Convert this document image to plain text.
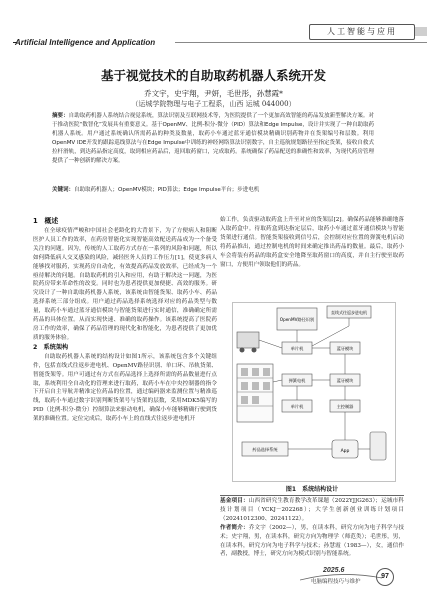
Artificial Intelligence and Application
人工智能与应用
基于视觉技术的自助取药机器人系统开发
乔文宇，史宇翔，尹妍，毛世彤，孙慧霞*
（运城学院物理与电子工程系，山西 运城 044000）
摘要：自助取药机器人系统结合视觉系统，算法识别及互联网技术等，为医院提供了一个更加高效智能的药品发放新型解决方案。对于推动医院“数智化”发展具有重要意义。基于OpenMV、比例-积分-微分（PID）算法和Edge Impulse，设计并实现了一种自助取药机器人系统。用户通过系统确认所需药品的种类及数量，取药小车通过蓝牙通信模块精确识别药物并在货架编号和层数。利用OpenMV IDE开发的跟踪巡线算法与在Edge Impulse中训练的神经网络算法识别数字，自主巡航规划路径至指定货架，接收自救式拉杆滑轨，到达药品指定高度，取到相应药品后，返回取药窗口，完成取药。系统确保了药品配送的准确性和效率，为现代药房管理提供了一种创新的解决方案。
关键词：自助取药机器人；OpenMV模块；PID算法；Edge Impulse平台；步进电机
1　概述

在全球疫情严峻和中国社会老龄化的大背景下，为了方便病人和阻断医护人员工作的效率，在药房智能化实现智能高效配送药品成为一个备受关注的问题。因为，传统的人工取药方式存在一系列的风险和问题，所以如何降低病人交叉感染的风险，减轻医务人员的工作压力[1]，使更多病人能够找对服药，实现药房自动化，有效提高药品发放效率，已经成为一个亟待解决的问题。自助取药机的引入和应用，有助于解决这一问题，为医院药房带来革命性的改变。同时也为患者提供更加便捷、高效的服务。研究设计了一种自助取药机器人系统，该系统由智能货架、取药小车、药品选择系统三部分组成。用户通过药品选择系统选择对应的药品类型与数量，取药小车通过蓝牙通信模块与智能货架进行实时通信，准确确定所需药品的具体位置。从而实现快速、准确的取药操作。该系统提高了医院药房工作的效率，确保了药品管理的现代化和智能化，为患者提供了更加优质的服务体验。

2　系统架构

自助取药机器人系统的结构设计如图1所示，该系统包含多个关键组件，包括直线式往返步进电机、OpenMV路径识别、单口环、吊轨货架、智能货架等。用户可通过有方式在药品选择上选择所需的药品数量进行点取，系统利用全自动化的管理来进行取药，取药小车在中央控制器的指令下开启自主导航并精准定位药品的位置，通过编码器来监测位置与精准巡线，取药小车通过数字识别判断货架号与货架的层数，采用MDK5编写的PID（比例-积分-微分）控制算法来驱动电机，确保小车能够精确行驶到货架的准确位置。定位完成后，取药小车上的直线式往返步进电机开

始工作，负责驱动取药盒上升至对应的货架层[2]。确保药品能够准确地落入取药盒中。待取药盒到达指定层后，取药小车通过蓝牙通信模块与智能货架进行通信。智能货架接收到信号后，会控制对应位置的弹簧电机启动将药品推出，通过控制电机的时间来确定推出药品的数量。最后，取药小车会将装有药品的取药盒安全地降至取药窗口的高度，并自主行驶至取药窗口，方便用户领取他们的药品。

OpenMV路径识别
直线式往返步进电机
单片机	蓝牙模块
弹簧电机
单片机
蓝牙模块
主控制器
药品选择系统	App
图1　系统结构设计
基金项目：山西省研究生教育教学改革课题（2022YJJG263）；运城市科技计划项目（YCKJ－202268）；大学生创新创业训练计划项目（20241012300、20241122）。
作者简介：乔文宇（2002—），男，在读本科，研究方向为电子科学与技术；史宇翔，男，在读本科，研究方向为物理学（师范类）；毛世彤，男，在读本科，研究方向为电子科学与技术；孙慧霞（1983—），女，通信作者，副教授，博士，研究方向为模式识别与智能系统。
2025.6
电脑编程技巧与维护
97
